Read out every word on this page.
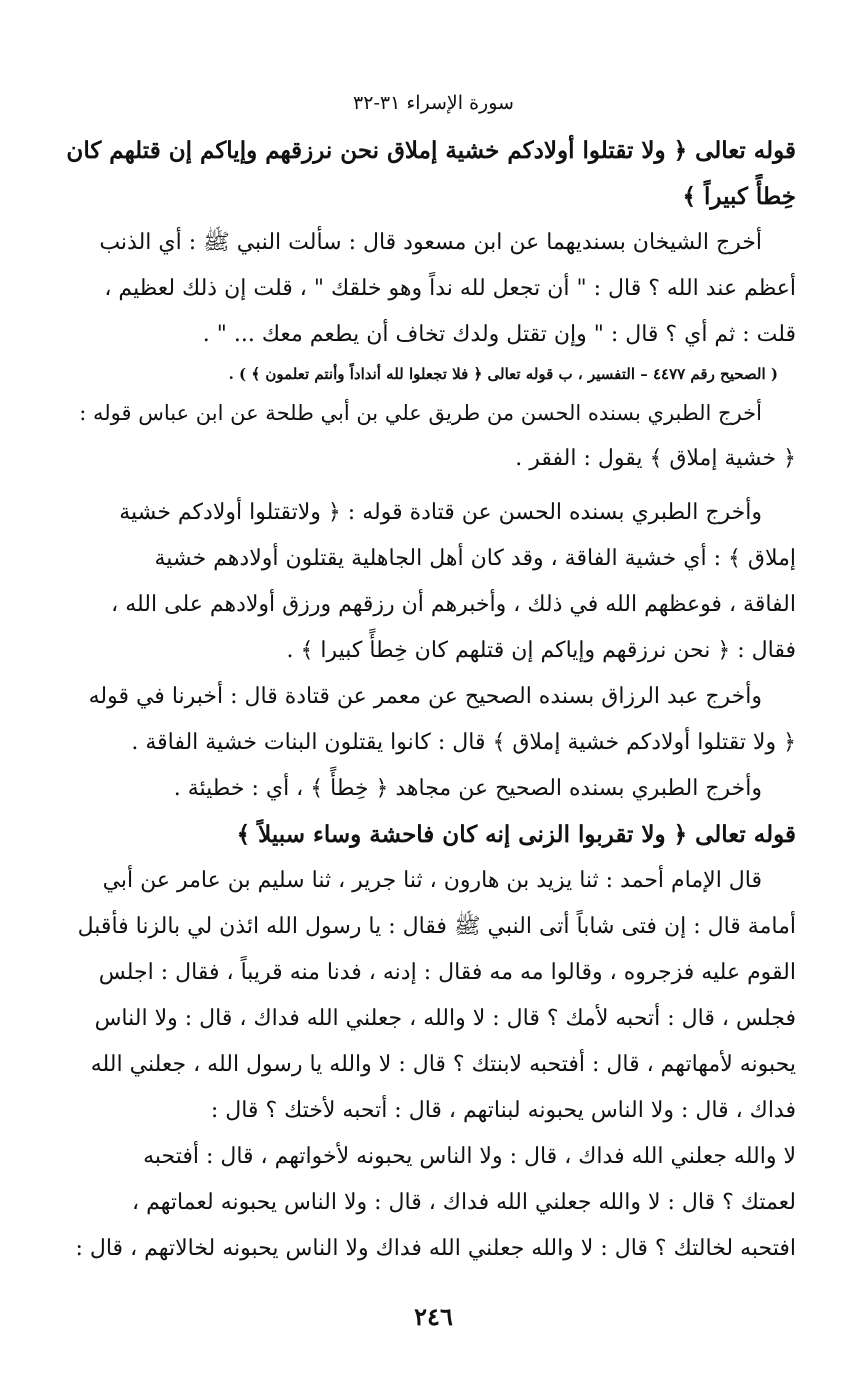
سورة الإسراء ٣١-٣٢
قوله تعالى ﴿ ولا تقتلوا أولادكم خشية إملاق نحن نرزقهم وإياكم إن قتلهم كان
خِطأً كبيراً ﴾
أخرج الشيخان بسنديهما عن ابن مسعود قال : سألت النبي ﷺ : أي الذنب
أعظم عند الله ؟ قال : " أن تجعل لله نداً وهو خلقك " ، قلت إن ذلك لعظيم ،
قلت : ثم أي ؟ قال : " وإن تقتل ولدك تخاف أن يطعم معك ... " .
( الصحيح رقم ٤٤٧٧ – التفسير ، ب قوله تعالى ﴿ فلا تجعلوا لله أنداداً وأنتم تعلمون ﴾ ) .
أخرج الطبري بسنده الحسن من طريق علي بن أبي طلحة عن ابن عباس قوله :
﴿ خشية إملاق ﴾ يقول : الفقر .
وأخرج الطبري بسنده الحسن عن قتادة قوله : ﴿ ولاتقتلوا أولادكم خشية
إملاق ﴾ : أي خشية الفاقة ، وقد كان أهل الجاهلية يقتلون أولادهم خشية
الفاقة ، فوعظهم الله في ذلك ، وأخبرهم أن رزقهم ورزق أولادهم على الله ،
فقال : ﴿ نحن نرزقهم وإياكم إن قتلهم كان خِطأً كبيرا ﴾ .
وأخرج عبد الرزاق بسنده الصحيح عن معمر عن قتادة قال : أخبرنا في قوله
﴿ ولا تقتلوا أولادكم خشية إملاق ﴾ قال : كانوا يقتلون البنات خشية الفاقة .
وأخرج الطبري بسنده الصحيح عن مجاهد ﴿ خِطأً ﴾ ، أي : خطيئة .
قوله تعالى ﴿ ولا تقربوا الزنى إنه كان فاحشة وساء سبيلاً ﴾
قال الإمام أحمد : ثنا يزيد بن هارون ، ثنا جرير ، ثنا سليم بن عامر عن أبي
أمامة قال : إن فتى شاباً أتى النبي ﷺ فقال : يا رسول الله ائذن لي بالزنا فأقبل
القوم عليه فزجروه ، وقالوا مه مه فقال : إدنه ، فدنا منه قريباً ، فقال : اجلس
فجلس ، قال : أتحبه لأمك ؟ قال : لا والله ، جعلني الله فداك ، قال : ولا الناس
يحبونه لأمهاتهم ، قال : أفتحبه لابنتك ؟ قال : لا والله يا رسول الله ، جعلني الله
فداك ، قال : ولا الناس يحبونه لبناتهم ، قال : أتحبه لأختك ؟ قال :
لا والله جعلني الله فداك ، قال : ولا الناس يحبونه لأخواتهم ، قال : أفتحبه
لعمتك ؟ قال : لا والله جعلني الله فداك ، قال : ولا الناس يحبونه لعماتهم ،
افتحبه لخالتك ؟ قال : لا والله جعلني الله فداك ولا الناس يحبونه لخالاتهم ، قال :
٢٤٦
